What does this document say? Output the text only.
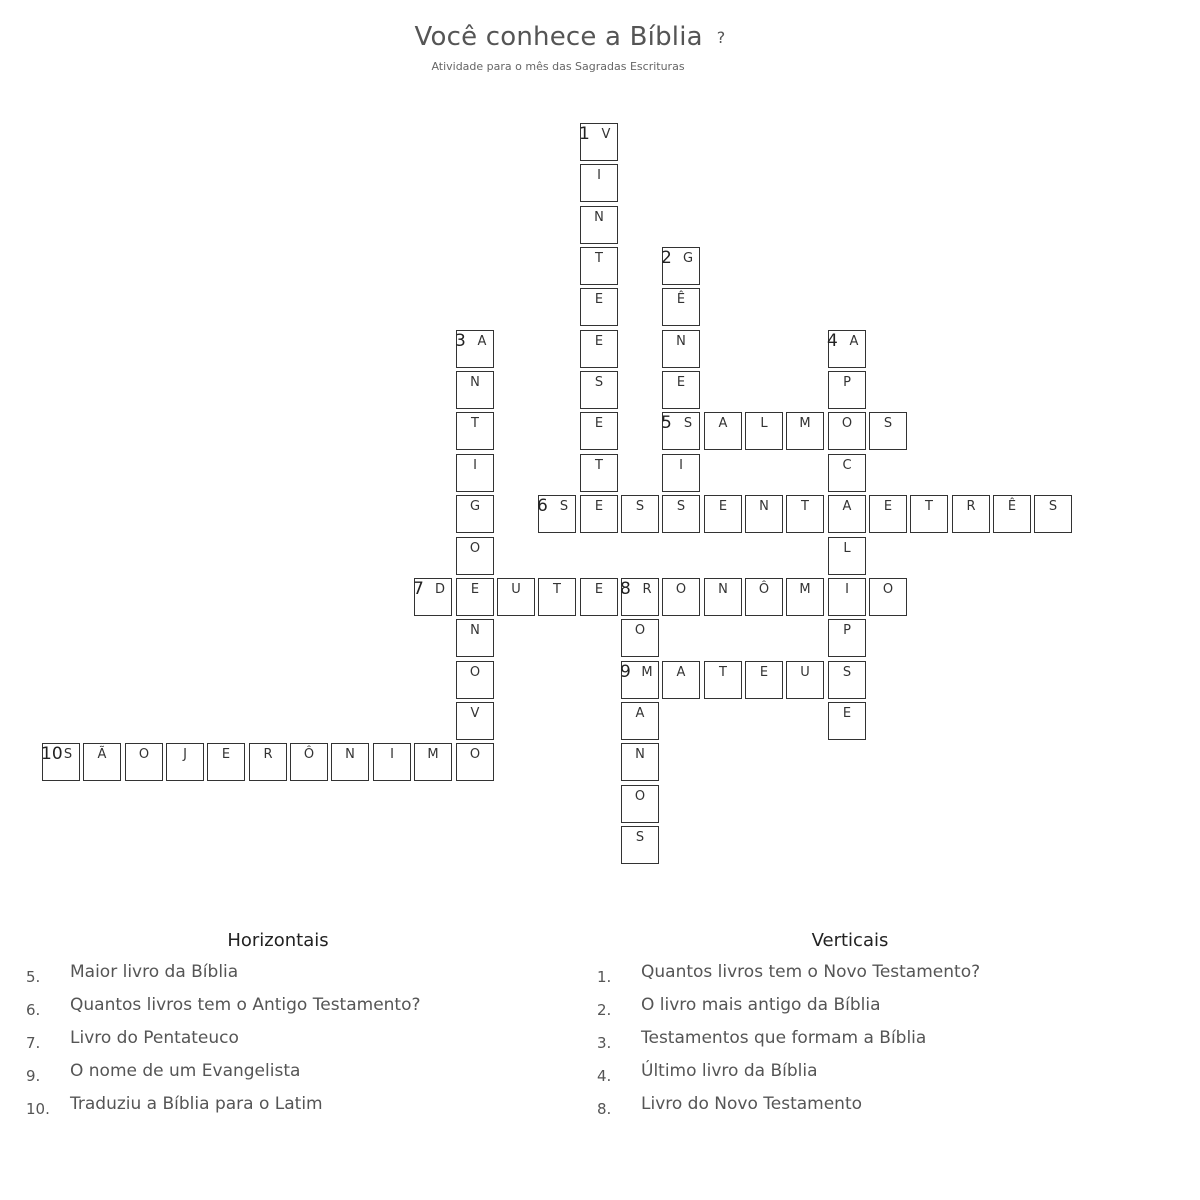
Você conhece a Bíblia ?
Atividade para o mês das Sagradas Escrituras
1 V
I
N
T
E
E
S
E
T
E
2 G
Ê
N
E
5 S
I
S
3 A
N
T
I
G
O
E
N
O
V
O
4 A
P
O
C
A
L
I
P
S
E
A	L	M	S
6 S	S	E	N	T	E	T	R	Ê	S
7 D	U	T	E 8 R	O	N	Ô	M	O
O
9 M
A
N
O
S
A	T	E	U
10 S	Ã	O	J	E	R	Ô	N	I	M
Horizontais	Verticais
5.	Maior livro da Bíblia
6.	Quantos livros tem o Antigo Testamento?
7.	Livro do Pentateuco
9.	O nome de um Evangelista
10.	Traduziu a Bíblia para o Latim
1.	Quantos livros tem o Novo Testamento?
2.	O livro mais antigo da Bíblia
3.	Testamentos que formam a Bíblia
4.	Último livro da Bíblia
8.	Livro do Novo Testamento
